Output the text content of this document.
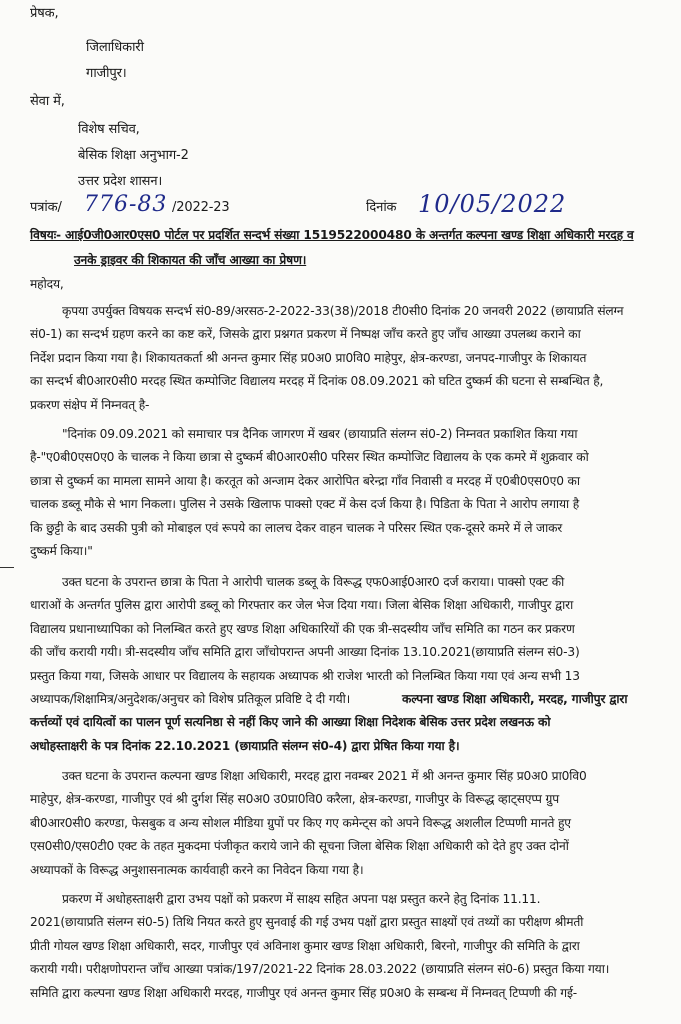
प्रेषक,
जिलाधिकारी
गाजीपुर।
सेवा में,
विशेष सचिव,
बेसिक शिक्षा अनुभाग-2
उत्तर प्रदेश शासन।
पत्रांक/ 776-83 /2022-23	दिनांक 10/05/2022
विषयः- आई0जी0आर0एस0 पोर्टल पर प्रदर्शित सन्दर्भ संख्या 1519522000480 के अन्तर्गत कल्पना खण्ड शिक्षा अधिकारी मरदह व
उनके ड्राइवर की शिकायत की जाँच आख्या का प्रेषण।
महोदय,
कृपया उपर्युक्त विषयक सन्दर्भ सं0-89/अरसठ-2-2022-33(38)/2018 टी0सी0 दिनांक 20 जनवरी 2022 (छायाप्रति संलग्न
सं0-1) का सन्दर्भ ग्रहण करने का कष्ट करें, जिसके द्वारा प्रश्नगत प्रकरण में निष्पक्ष जाँच करते हुए जाँच आख्या उपलब्ध कराने का
निर्देश प्रदान किया गया है। शिकायतकर्ता श्री अनन्त कुमार सिंह प्र0अ0 प्रा0वि0 माहेपुर, क्षेत्र-करण्डा, जनपद-गाजीपुर के शिकायत
का सन्दर्भ बी0आर0सी0 मरदह स्थित कम्पोजिट विद्यालय मरदह में दिनांक 08.09.2021 को घटित दुष्कर्म की घटना से सम्बन्धित है,
प्रकरण संक्षेप में निम्नवत् है-
"दिनांक 09.09.2021 को समाचार पत्र दैनिक जागरण में खबर (छायाप्रति संलग्न सं0-2) निम्नवत प्रकाशित किया गया
है-"ए0बी0एस0ए0 के चालक ने किया छात्रा से दुष्कर्म बी0आर0सी0 परिसर स्थित कम्पोजिट विद्यालय के एक कमरे में शुक्रवार को
छात्रा से दुष्कर्म का मामला सामने आया है। करतूत को अन्जाम देकर आरोपित बरेन्द्रा गाँव निवासी व मरदह में ए0बी0एस0ए0 का
चालक डब्लू मौके से भाग निकला। पुलिस ने उसके खिलाफ पाक्सो एक्ट में केस दर्ज किया है। पिडिता के पिता ने आरोप लगाया है
कि छुट्टी के बाद उसकी पुत्री को मोबाइल एवं रूपये का लालच देकर वाहन चालक ने परिसर स्थित एक-दूसरे कमरे में ले जाकर
दुष्कर्म किया।"
उक्त घटना के उपरान्त छात्रा के पिता ने आरोपी चालक डब्लू के विरूद्ध एफ0आई0आर0 दर्ज कराया। पाक्सो एक्ट की
धाराओं के अन्तर्गत पुलिस द्वारा आरोपी डब्लू को गिरफ्तार कर जेल भेज दिया गया। जिला बेसिक शिक्षा अधिकारी, गाजीपुर द्वारा
विद्यालय प्रधानाध्यापिका को निलम्बित करते हुए खण्ड शिक्षा अधिकारियों की एक त्री-सदस्यीय जाँच समिति का गठन कर प्रकरण
की जाँच करायी गयी। त्री-सदस्यीय जाँच समिति द्वारा जाँचोपरान्त अपनी आख्या दिनांक 13.10.2021(छायाप्रति संलग्न सं0-3)
प्रस्तुत किया गया, जिसके आधार पर विद्यालय के सहायक अध्यापक श्री राजेश भारती को निलम्बित किया गया एवं अन्य सभी 13
अध्यापक/शिक्षामित्र/अनुदेशक/अनुचर को विशेष प्रतिकूल प्रविष्टि दे दी गयी।	कल्पना खण्ड शिक्षा अधिकारी, मरदह, गाजीपुर द्वारा
कर्त्तव्यों एवं दायित्वों का पालन पूर्ण सत्यनिष्ठा से नहीं किए जाने की आख्या शिक्षा निदेशक बेसिक उत्तर प्रदेश लखनऊ को
अधोहस्ताक्षरी के पत्र दिनांक 22.10.2021 (छायाप्रति संलग्न सं0-4) द्वारा प्रेषित किया गया है।
उक्त घटना के उपरान्त कल्पना खण्ड शिक्षा अधिकारी, मरदह द्वारा नवम्बर 2021 में श्री अनन्त कुमार सिंह प्र0अ0 प्रा0वि0
माहेपुर, क्षेत्र-करण्डा, गाजीपुर एवं श्री दुर्गश सिंह स0अ0 उ0प्रा0वि0 करैला, क्षेत्र-करण्डा, गाजीपुर के विरूद्ध व्हाट्सएप्प ग्रुप
बी0आर0सी0 करण्डा, फेसबुक व अन्य सोशल मीडिया ग्रुपों पर किए गए कमेन्ट्स को अपने विरूद्ध अशलील टिप्पणी मानते हुए
एस0सी0/एस0टी0 एक्ट के तहत मुकदमा पंजीकृत कराये जाने की सूचना जिला बेसिक शिक्षा अधिकारी को देते हुए उक्त दोनों
अध्यापकों के विरूद्ध अनुशासनात्मक कार्यवाही करने का निवेदन किया गया है।
प्रकरण में अधोहस्ताक्षरी द्वारा उभय पक्षों को प्रकरण में साक्ष्य सहित अपना पक्ष प्रस्तुत करने हेतु दिनांक 11.11.
2021(छायाप्रति संलग्न सं0-5) तिथि नियत करते हुए सुनवाई की गई उभय पक्षों द्वारा प्रस्तुत साक्ष्यों एवं तथ्यों का परीक्षण श्रीमती
प्रीती गोयल खण्ड शिक्षा अधिकारी, सदर, गाजीपुर एवं अविनाश कुमार खण्ड शिक्षा अधिकारी, बिरनो, गाजीपुर की समिति के द्वारा
करायी गयी। परीक्षणोपरान्त जाँच आख्या पत्रांक/197/2021-22 दिनांक 28.03.2022 (छायाप्रति संलग्न सं0-6) प्रस्तुत किया गया।
समिति द्वारा कल्पना खण्ड शिक्षा अधिकारी मरदह, गाजीपुर एवं अनन्त कुमार सिंह प्र0अ0 के सम्बन्ध में निम्नवत् टिप्पणी की गई-
